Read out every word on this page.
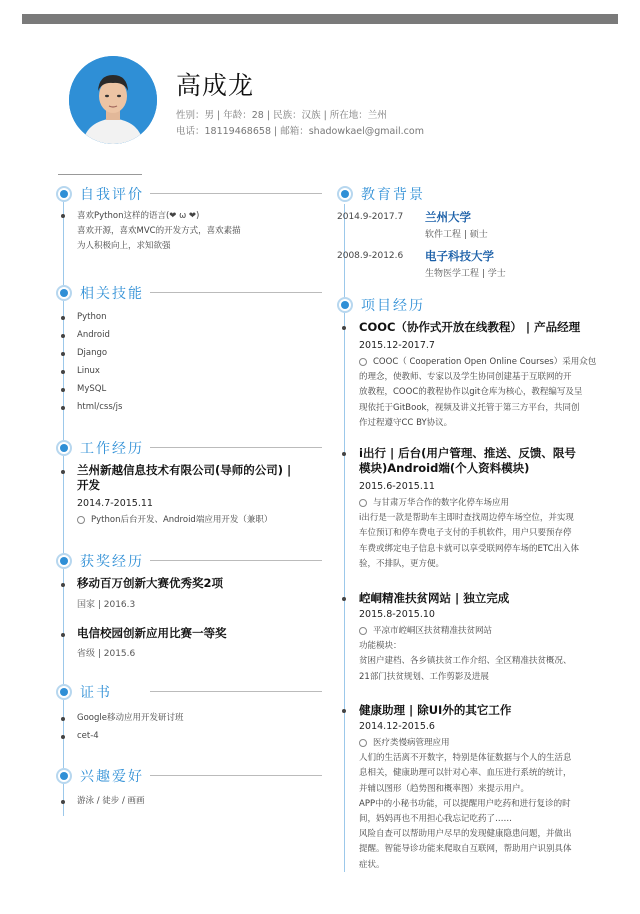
高成龙
性别：男 | 年龄：28 | 民族：汉族 | 所在地：兰州
电话：18119468658 | 邮箱：shadowkael@gmail.com
自我评价
喜欢Python这样的语言(❤ ω ❤)
喜欢开源，喜欢MVC的开发方式，喜欢素描
为人积极向上，求知欲强
相关技能
Python
Android
Django
Linux
MySQL
html/css/js
工作经历
兰州新越信息技术有限公司(导师的公司) |
开发
2014.7-2015.11
Python后台开发、Android端应用开发（兼职）
获奖经历
移动百万创新大赛优秀奖2项
国家 | 2016.3
电信校园创新应用比赛一等奖
省级 | 2015.6
证书
Google移动应用开发研讨班
cet-4
兴趣爱好
游泳 / 徒步 / 画画
教育背景
2014.9-2017.7 兰州大学
软件工程 | 硕士
2008.9-2012.6 电子科技大学
生物医学工程 | 学士
项目经历
COOC（协作式开放在线教程） | 产品经理
2015.12-2017.7
COOC（ Cooperation Open Online Courses）采用众包
的理念，使教师、专家以及学生协同创建基于互联网的开
放教程，COOC的教程协作以git仓库为核心，教程编写及呈
现依托于GitBook，视频及讲义托管于第三方平台，共同创
作过程遵守CC BY协议。
i出行 | 后台(用户管理、推送、反馈、限号
模块)Android端(个人资料模块)
2015.6-2015.11
与甘肃万华合作的数字化停车场应用
i出行是一款是帮助车主即时查找周边停车场空位，并实现
车位预订和停车费电子支付的手机软件，用户只要预存停
车费或绑定电子信息卡就可以享受联网停车场的ETC出入体
验，不排队，更方便。
崆峒精准扶贫网站 | 独立完成
2015.8-2015.10
平凉市崆峒区扶贫精准扶贫网站
功能模块：
贫困户建档、各乡镇扶贫工作介绍、全区精准扶贫概况、
21部门扶贫规划、工作剪影及进展
健康助理 | 除UI外的其它工作
2014.12-2015.6
医疗类慢病管理应用
人们的生活离不开数字，特别是体征数据与个人的生活息
息相关，健康助理可以针对心率、血压进行系统的统计，
并辅以图形（趋势图和概率图）来提示用户。
APP中的小秘书功能，可以提醒用户吃药和进行复诊的时
间，妈妈再也不用担心我忘记吃药了……
风险自查可以帮助用户尽早的发现健康隐患问题，并做出
提醒。智能导诊功能来爬取自互联网，帮助用户识别具体
症状。
